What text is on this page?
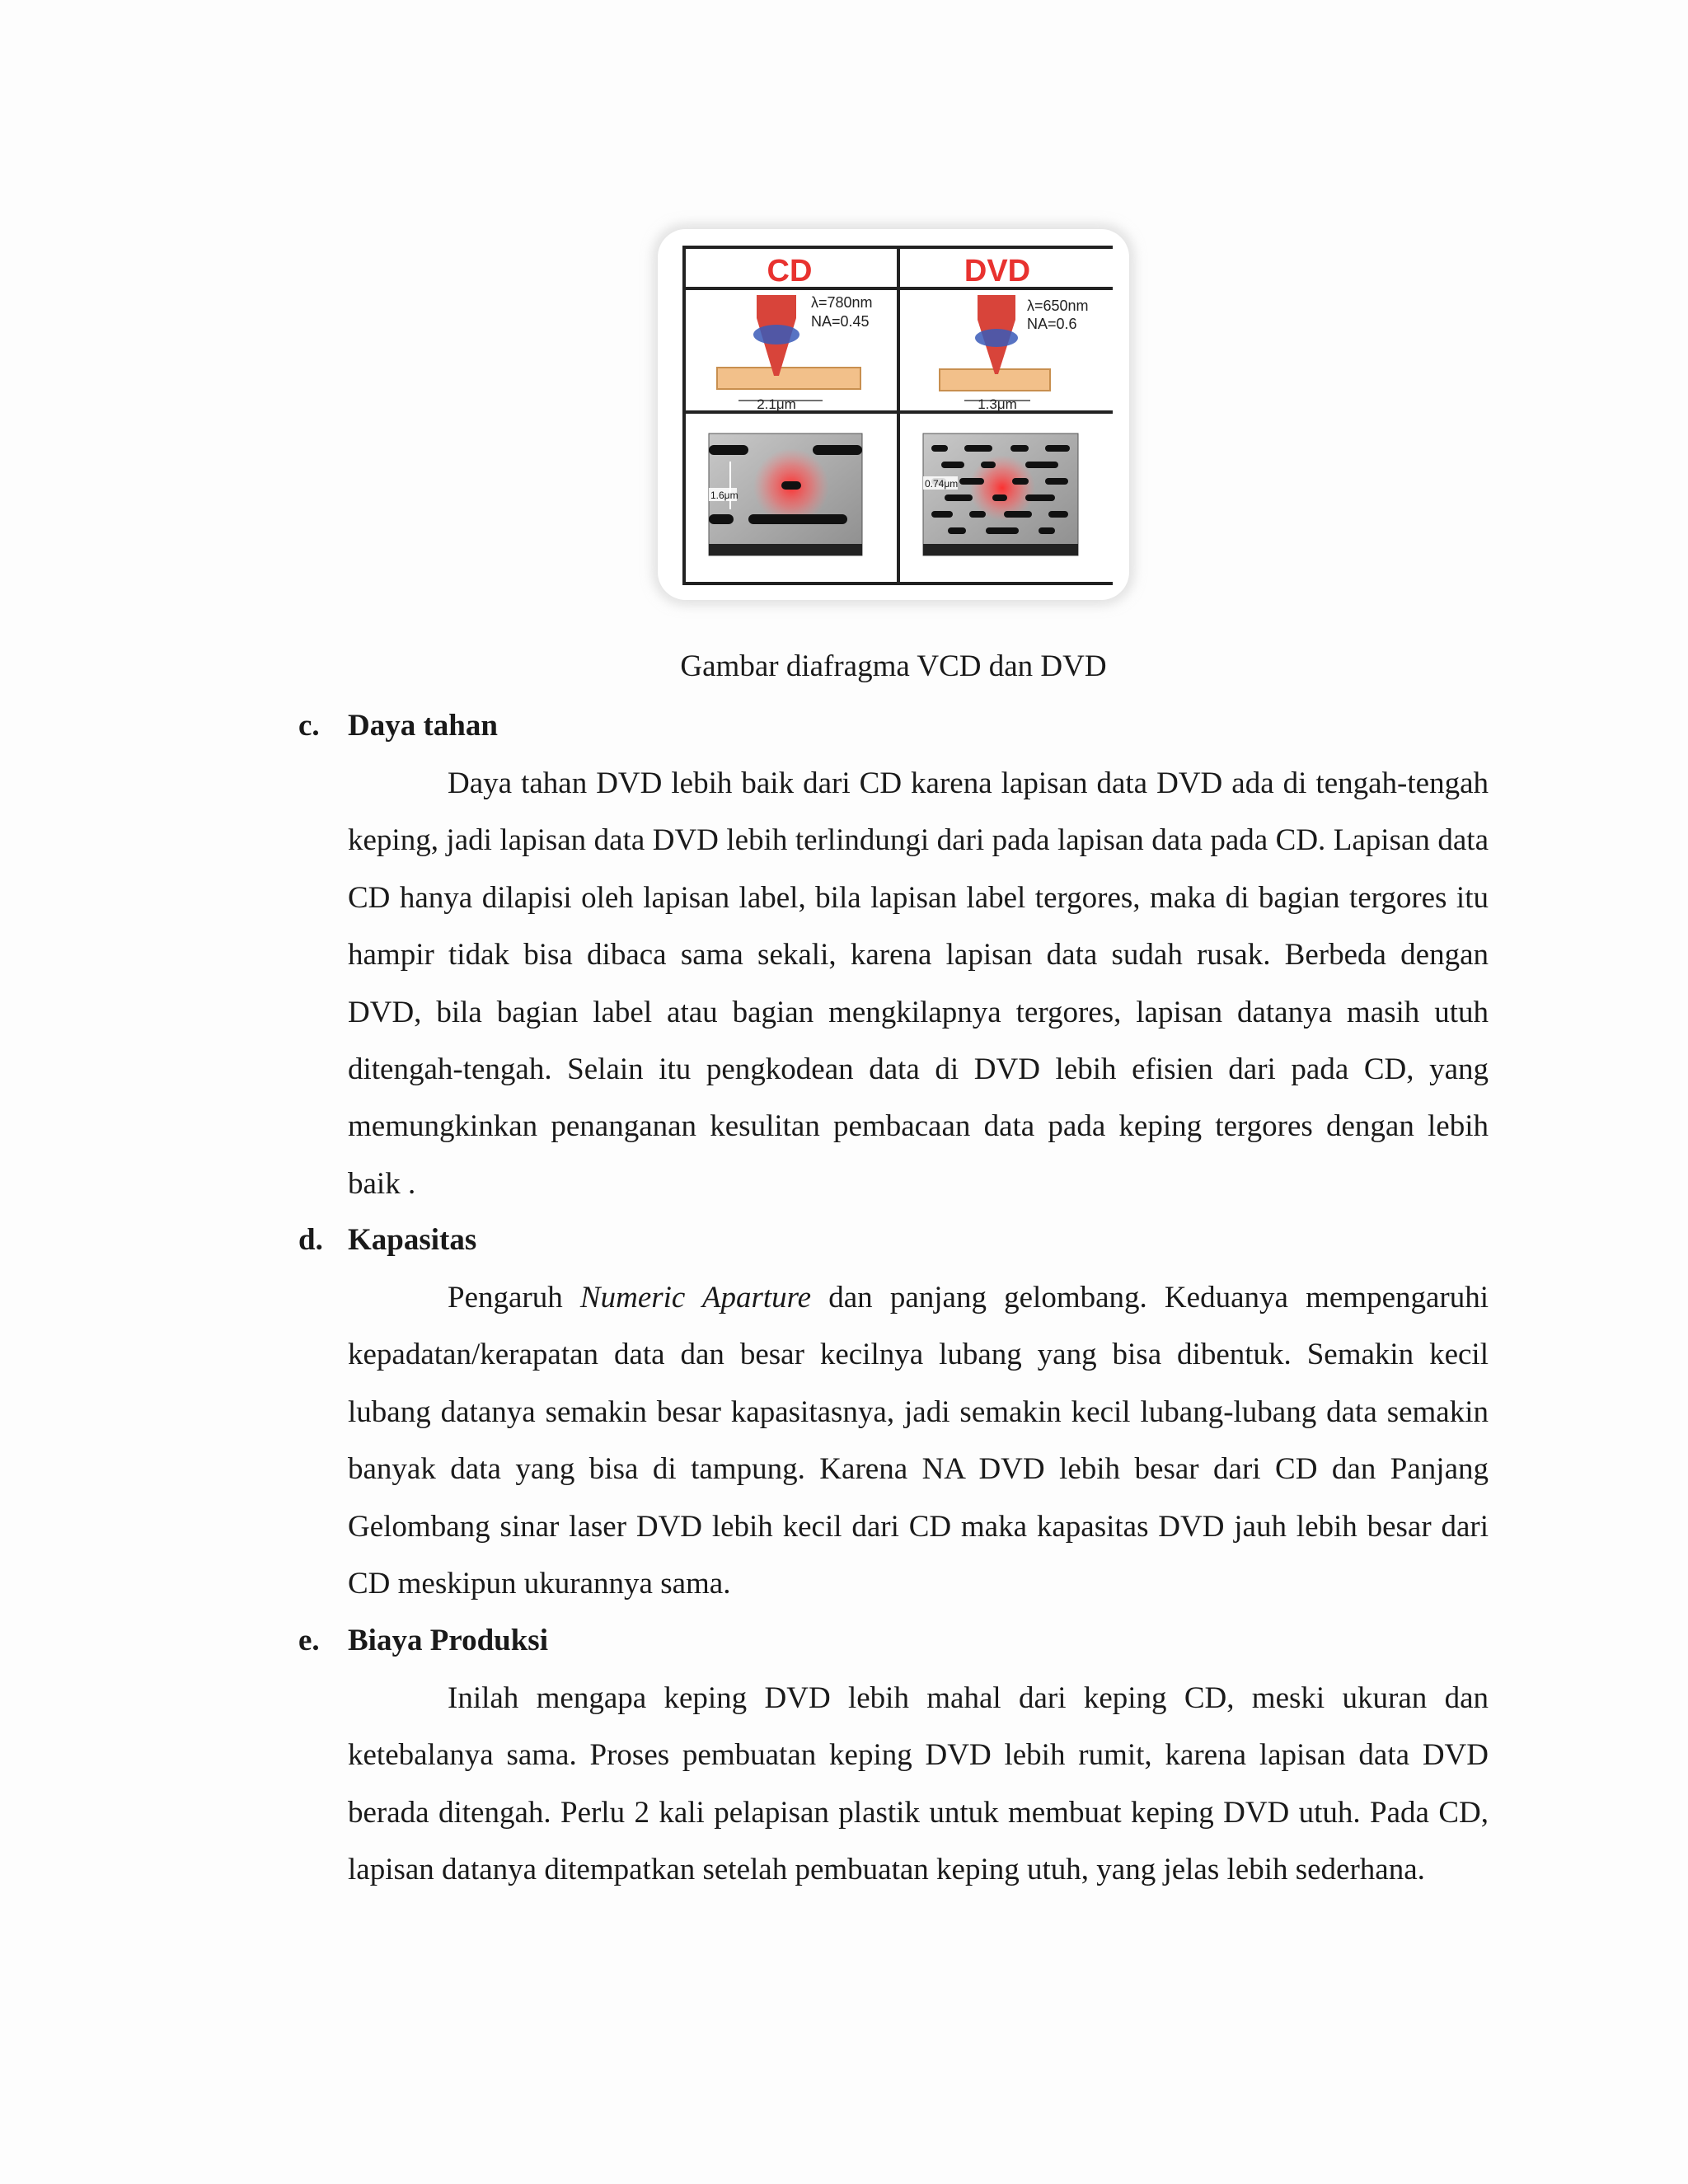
CD	DVD
λ=780nm
NA=0.45
2.1μm
λ=650nm
NA=0.6
1.3μm
1.6μm
0.74μm
Gambar diafragma VCD dan DVD
c. Daya tahan

Daya tahan DVD lebih baik dari CD karena lapisan data DVD ada di tengah-tengah keping, jadi lapisan data DVD lebih terlindungi dari pada lapisan data pada CD. Lapisan data CD hanya dilapisi oleh lapisan label, bila lapisan label tergores, maka di bagian tergores itu hampir tidak bisa dibaca sama sekali, karena lapisan data sudah rusak. Berbeda dengan DVD, bila bagian label atau bagian mengkilapnya tergores, lapisan datanya masih utuh ditengah-tengah. Selain itu pengkodean data di DVD lebih efisien dari pada CD, yang memungkinkan penanganan kesulitan pembacaan data pada keping tergores dengan lebih baik .

d. Kapasitas

Pengaruh Numeric Aparture dan panjang gelombang. Keduanya mempengaruhi kepadatan/kerapatan data dan besar kecilnya lubang yang bisa dibentuk. Semakin kecil lubang datanya semakin besar kapasitasnya, jadi semakin kecil lubang-lubang data semakin banyak data yang bisa di tampung. Karena NA DVD lebih besar dari CD dan Panjang Gelombang sinar laser DVD lebih kecil dari CD maka kapasitas DVD jauh lebih besar dari CD meskipun ukurannya sama.

e. Biaya Produksi

Inilah mengapa keping DVD lebih mahal dari keping CD, meski ukuran dan ketebalanya sama. Proses pembuatan keping DVD lebih rumit, karena lapisan data DVD berada ditengah. Perlu 2 kali pelapisan plastik untuk membuat keping DVD utuh. Pada CD, lapisan datanya ditempatkan setelah pembuatan keping utuh, yang jelas lebih sederhana.
